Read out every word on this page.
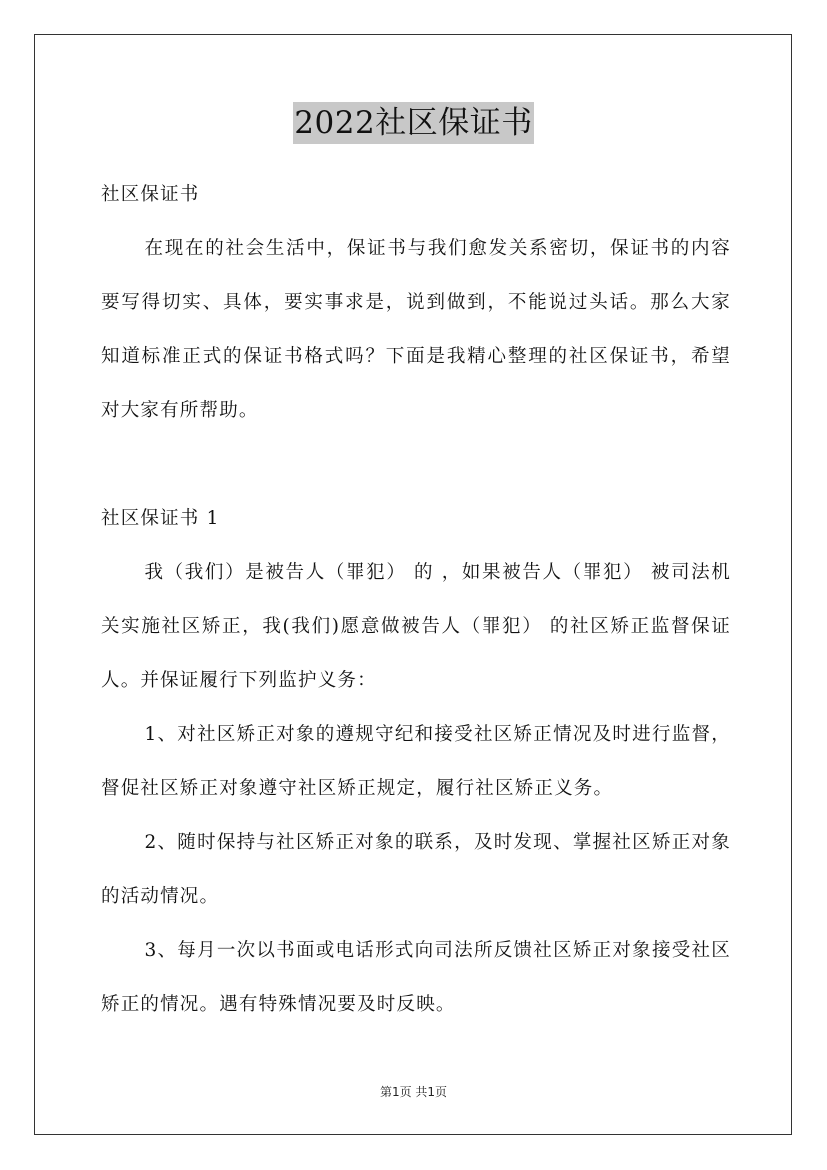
2022社区保证书

社区保证书

在现在的社会生活中，保证书与我们愈发关系密切，保证书的内容要写得切实、具体，要实事求是，说到做到，不能说过头话。那么大家知道标准正式的保证书格式吗？下面是我精心整理的社区保证书，希望对大家有所帮助。

社区保证书 1

我（我们）是被告人（罪犯） 的 ，如果被告人（罪犯） 被司法机关实施社区矫正，我(我们)愿意做被告人（罪犯） 的社区矫正监督保证人。并保证履行下列监护义务：

1、对社区矫正对象的遵规守纪和接受社区矫正情况及时进行监督，督促社区矫正对象遵守社区矫正规定，履行社区矫正义务。

2、随时保持与社区矫正对象的联系，及时发现、掌握社区矫正对象的活动情况。

3、每月一次以书面或电话形式向司法所反馈社区矫正对象接受社区矫正的情况。遇有特殊情况要及时反映。

第1页 共1页
